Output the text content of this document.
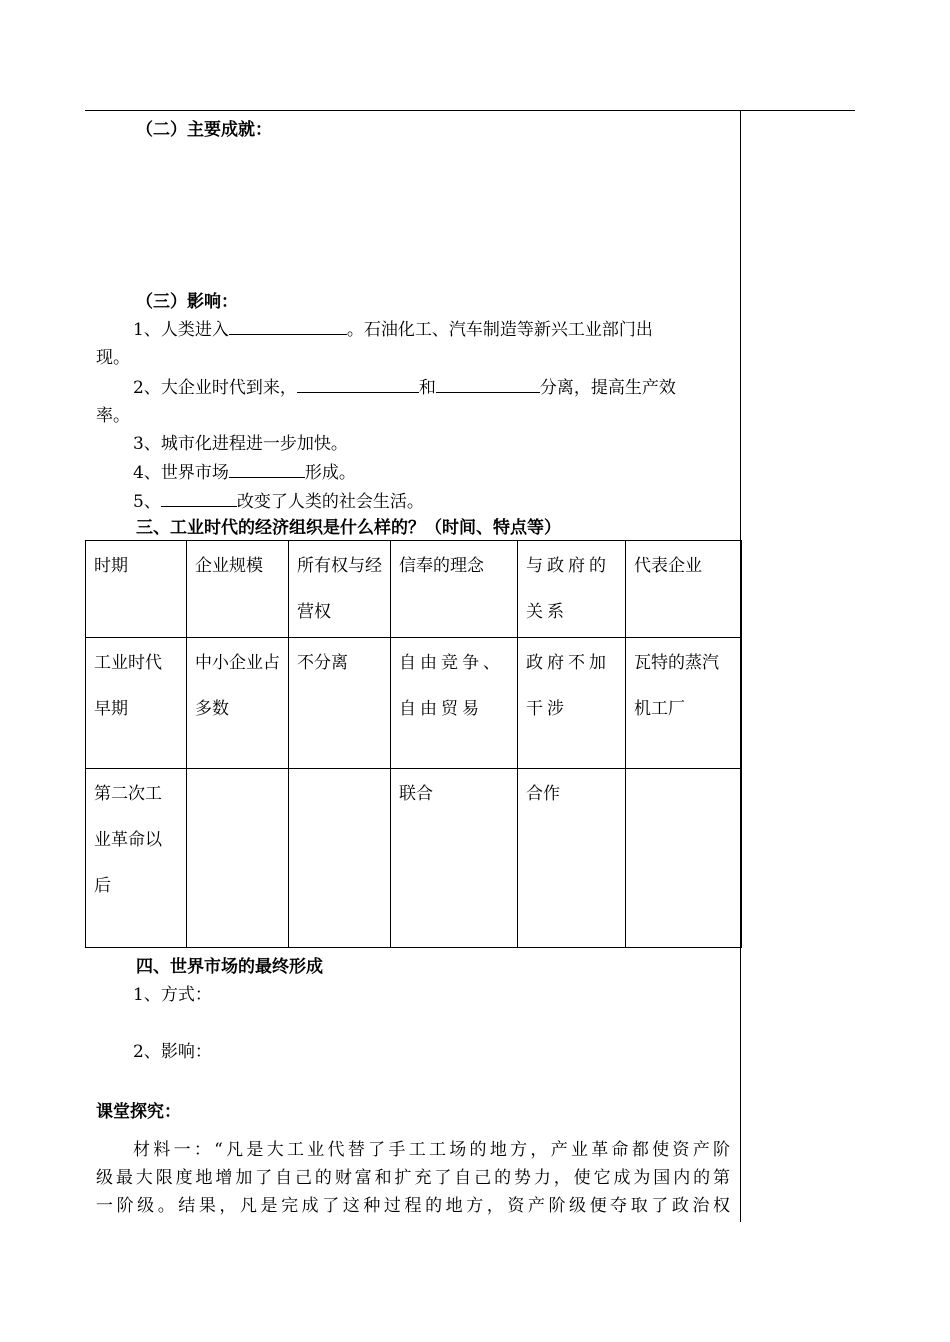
（二）主要成就：
（三）影响：
1、人类进入	。石油化工、汽车制造等新兴工业部门出
现。
2、大企业时代到来，	和	分离，提高生产效
率。
3、城市化进程进一步加快。
4、世界市场	形成。
5、	改变了人类的社会生活。
三、工业时代的经济组织是什么样的？（时间、特点等）
时期	企业规模	所有权与经营权	信奉的理念	与政府的关系	代表企业
工业时代早期	中小企业占多数	不分离	自由竞争、自由贸易	政府不加干涉	瓦特的蒸汽机工厂
第二次工业革命以后			联合	合作	
四、世界市场的最终形成
1、方式：
2、影响：
课堂探究：
材料一：“凡是大工业代替了手工工场的地方，产业革命都使资产阶
级最大限度地增加了自己的财富和扩充了自己的势力，使它成为国内的第
一阶级。结果，凡是完成了这种过程的地方，资产阶级便夺取了政治权
